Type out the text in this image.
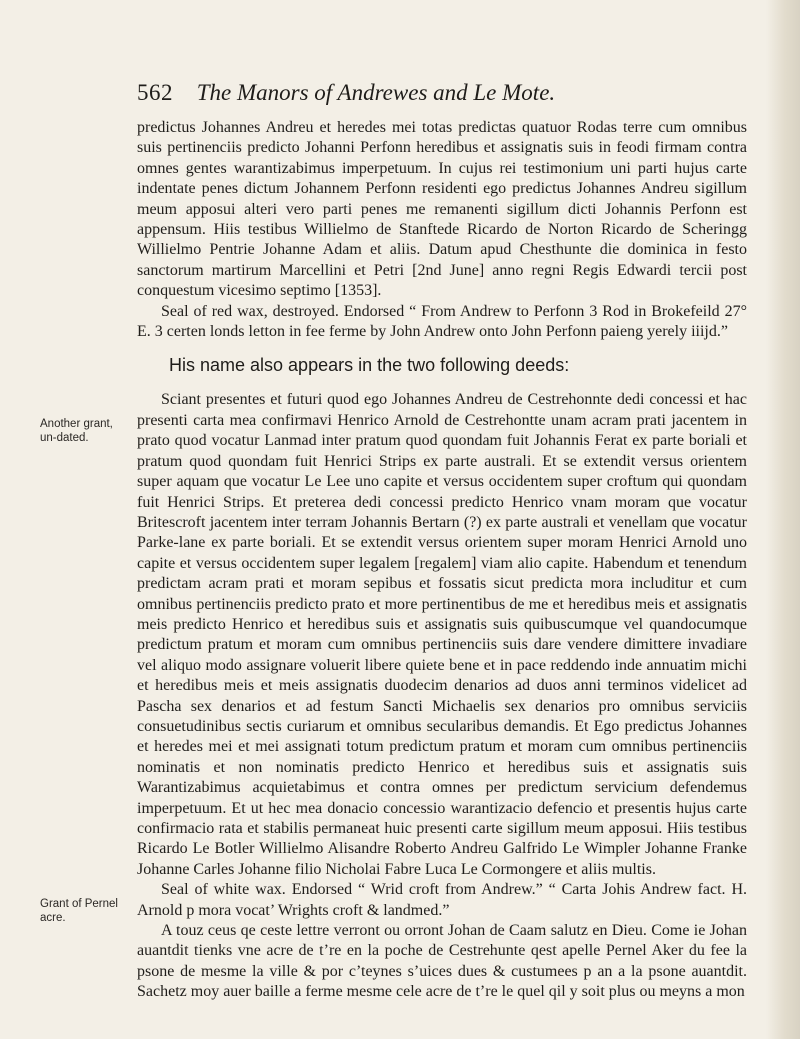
562 The Manors of Andrewes and Le Mote.
Another grant, un-dated.
Grant of Pernel acre.

predictus Johannes Andreu et heredes mei totas predictas quatuor Rodas terre cum omnibus suis pertinenciis predicto Johanni Perfonn heredibus et assignatis suis in feodi firmam contra omnes gentes warantizabimus imperpetuum. In cujus rei testimonium uni parti hujus carte indentate penes dictum Johannem Perfonn residenti ego predictus Johannes Andreu sigillum meum apposui alteri vero parti penes me remanenti sigillum dicti Johannis Perfonn est appensum. Hiis testibus Willielmo de Stanftede Ricardo de Norton Ricardo de Scheringg Willielmo Pentrie Johanne Adam et aliis. Datum apud Chesthunte die dominica in festo sanctorum martirum Marcellini et Petri [2nd June] anno regni Regis Edwardi tercii post conquestum vicesimo septimo [1353].

Seal of red wax, destroyed. Endorsed “ From Andrew to Perfonn 3 Rod in Brokefeild 27° E. 3 certen londs letton in fee ferme by John Andrew onto John Perfonn paieng yerely iiijd.”

His name also appears in the two following deeds:

Sciant presentes et futuri quod ego Johannes Andreu de Cestrehonnte dedi concessi et hac presenti carta mea confirmavi Henrico Arnold de Cestrehontte unam acram prati jacentem in prato quod vocatur Lanmad inter pratum quod quondam fuit Johannis Ferat ex parte boriali et pratum quod quondam fuit Henrici Strips ex parte australi. Et se extendit versus orientem super aquam que vocatur Le Lee uno capite et versus occidentem super croftum qui quondam fuit Henrici Strips. Et preterea dedi concessi predicto Henrico vnam moram que vocatur Britescroft jacentem inter terram Johannis Bertarn (?) ex parte australi et venellam que vocatur Parke-lane ex parte boriali. Et se extendit versus orientem super moram Henrici Arnold uno capite et versus occidentem super legalem [regalem] viam alio capite. Habendum et tenendum predictam acram prati et moram sepibus et fossatis sicut predicta mora includitur et cum omnibus pertinenciis predicto prato et more pertinentibus de me et heredibus meis et assignatis meis predicto Henrico et heredibus suis et assignatis suis quibuscumque vel quandocumque predictum pratum et moram cum omnibus pertinenciis suis dare vendere dimittere invadiare vel aliquo modo assignare voluerit libere quiete bene et in pace reddendo inde annuatim michi et heredibus meis et meis assignatis duodecim denarios ad duos anni terminos videlicet ad Pascha sex denarios et ad festum Sancti Michaelis sex denarios pro omnibus serviciis consuetudinibus sectis curiarum et omnibus secularibus demandis. Et Ego predictus Johannes et heredes mei et mei assignati totum predictum pratum et moram cum omnibus pertinenciis nominatis et non nominatis predicto Henrico et heredibus suis et assignatis suis Warantizabimus acquietabimus et contra omnes per predictum servicium defendemus imperpetuum. Et ut hec mea donacio concessio warantizacio defencio et presentis hujus carte confirmacio rata et stabilis permaneat huic presenti carte sigillum meum apposui. Hiis testibus Ricardo Le Botler Willielmo Alisandre Roberto Andreu Galfrido Le Wimpler Johanne Franke Johanne Carles Johanne filio Nicholai Fabre Luca Le Cormongere et aliis multis.

Seal of white wax. Endorsed “ Wrid croft from Andrew.” “ Carta Johis Andrew fact. H. Arnold p mora vocat’ Wrights croft & landmed.”

A touz ceus qe ceste lettre verront ou orront Johan de Caam salutz en Dieu. Come ie Johan auantdit tienks vne acre de t’re en la poche de Cestrehunte qest apelle Pernel Aker du fee la psone de mesme la ville & por c’teynes s’uices dues & custumees p an a la psone auantdit. Sachetz moy auer baille a ferme mesme cele acre de t’re le quel qil y soit plus ou meyns a mon
